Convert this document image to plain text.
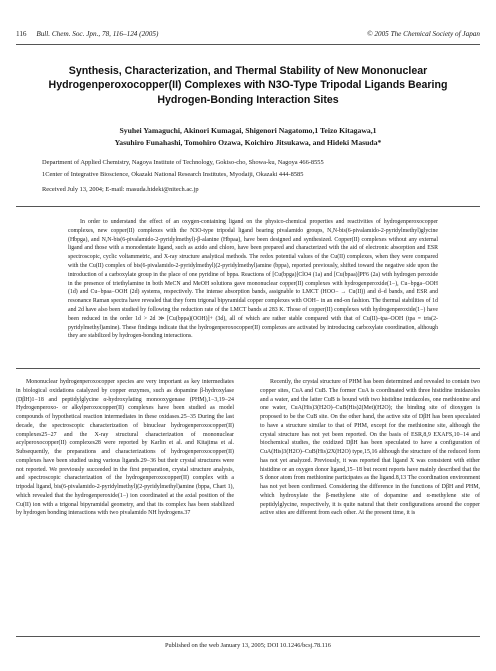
116 Bull. Chem. Soc. Jpn., 78, 116–124 (2005)	© 2005 The Chemical Society of Japan
Synthesis, Characterization, and Thermal Stability of New Mononuclear Hydrogenperoxocopper(II) Complexes with N3O-Type Tripodal Ligands Bearing Hydrogen-Bonding Interaction Sites
Syuhei Yamaguchi, Akinori Kumagai, Shigenori Nagatomo,1 Teizo Kitagawa,1
Yasuhiro Funahashi, Tomohiro Ozawa, Koichiro Jitsukawa, and Hideki Masuda*
Department of Applied Chemistry, Nagoya Institute of Technology, Gokiso-cho, Showa-ku, Nagoya 466-8555
1Center of Integrative Bioscience, Okazaki National Research Institutes, Myodaiji, Okazaki 444-8585
Received July 13, 2004; E-mail: masuda.hideki@nitech.ac.jp
In order to understand the effect of an oxygen-containing ligand on the physico-chemical properties and reactivities of hydrogenperoxocopper complexes, new copper(II) complexes with the N3O-type tripodal ligand bearing pivalamido groups, N,N-bis(6-pivalamido-2-pyridylmethyl)glycine (Hbpga), and N,N-bis(6-pivalamido-2-pyridylmethyl)-β-alanine (Hbpaa), have been designed and synthesized. Copper(II) complexes without any external ligand and those with a monodentate ligand, such as azido and chloro, have been prepared and characterized with the aid of electronic absorption and ESR spectroscopic, cyclic voltammetric, and X-ray structure analytical methods. The redox potential values of the Cu(II) complexes, when they were compared with the Cu(II) complex of bis(6-pivalamido-2-pyridylmethyl)(2-pyridylmethyl)amine (bppa), reported previously, shifted toward the negative side upon the introduction of a carboxylate group in the place of one pyridine of bppa. Reactions of [Cu(bpga)]ClO4 (1a) and [Cu(bpaa)]PF6 (2a) with hydrogen peroxide in the presence of triethylamine in both MeCN and MeOH solutions gave mononuclear copper(II) complexes with hydrogenperoxide(1−), Cu−bpga−OOH (1d) and Cu−bpaa−OOH (2d) systems, respectively. The intense absorption bands, assignable to LMCT (HOO− → Cu(II)) and d–d bands, and ESR and resonance Raman spectra have revealed that they form trigonal bipyramidal copper complexes with OOH− in an end-on fashion. The thermal stabilities of 1d and 2d have also been studied by following the reduction rate of the LMCT bands at 283 K. Those of copper(II) complexes with hydrogenperoxide(1−) have been reduced in the order 1d > 2d ≫ [Cu(bppa)(OOH)]+ (3d), all of which are rather stable compared with that of Cu(II)–tpa–OOH (tpa = tris(2-pyridylmethyl)amine). These findings indicate that the hydrogenperoxocopper(II) complexes are activated by introducing carboxylate coordination, although they are stabilized by hydrogen-bonding interactions.
Mononuclear hydrogenperoxocopper species are very important as key intermediates in biological oxidations catalyzed by copper enzymes, such as dopamine β-hydroxylase (DβH)1−18 and peptidylglycine α-hydroxylating monooxygenase (PHM),1−3,19−24 Hydrogenperoxo- or alkylperoxocopper(II) complexes have been studied as model compounds of hypothetical reaction intermediates in these oxidases.25−35 During the last decade, the spectroscopic characterization of binuclear hydrogenperoxocopper(II) complexes25−27 and the X-ray structural characterization of mononuclear acylperoxocopper(II) complexes28 were reported by Karlin et al. and Kitajima et al. Subsequently, the preparations and characterizations of hydrogenperoxocopper(II) complexes have been studied using various ligands.29−36 but their crystal structures were not reported. We previously succeeded in the first preparation, crystal structure analysis, and spectroscopic characterization of the hydrogenperoxocopper(II) complex with a tripodal ligand, bis(6-pivalamido-2-pyridylmethyl)(2-pyridylmethyl)amine (bppa, Chart 1), which revealed that the hydrogenperoxide(1−) ion coordinated at the axial position of the Cu(II) ion with a trigonal bipyramidal geometry, and that its complex has been stabilized by hydrogen bonding interactions with two pivalamido NH hydrogens.37
Recently, the crystal structure of PHM has been determined and revealed to contain two copper sites, CuA and CuB. The former CuA is coordinated with three histidine imidazoles and a water, and the latter CuB is bound with two histidine imidazoles, one methionine and one water, CuA(His)3(H2O)–CuB(His)2(Met)(H2O); the binding site of dioxygen is proposed to be the CuB site. On the other hand, the active site of DβH has been speculated to have a structure similar to that of PHM, except for the methionine site, although the crystal structure has not yet been reported. On the basis of ESR,8,9 EXAFS,10−14 and biochemical studies, the oxidized DβH has been speculated to have a configuration of CuA(His)3(H2O)–CuB(His)2X(H2O) type,15,16 although the structure of the reduced form has not yet analyzed. Previously, it was reported that ligand X was consistent with either histidine or an oxygen donor ligand,15−18 but recent reports have mainly described that the S donor atom from methionine participates as the ligand.8,13 The coordination environment has not yet been confirmed. Considering the difference in the functions of DβH and PHM, which hydroxylate the β-methylene site of dopamine and α-methylene site of peptidylglycine, respectively, it is quite natural that their configurations around the copper active sites are different from each other. At the present time, it is
Published on the web January 13, 2005; DOI 10.1246/bcsj.78.116
